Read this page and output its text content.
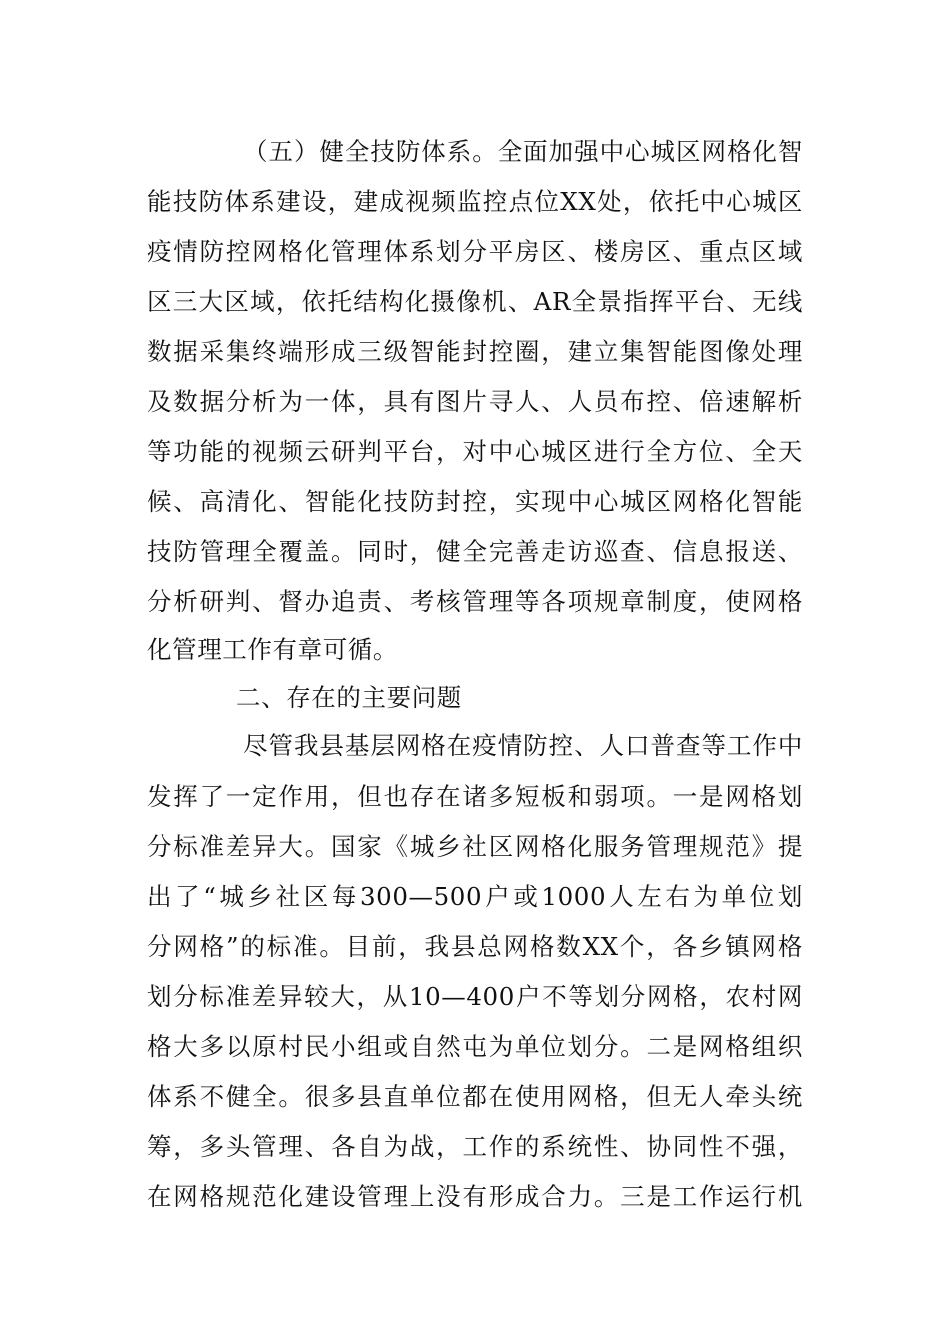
（五）健全技防体系。全面加强中心城区网格化智
能技防体系建设，建成视频监控点位XX处，依托中心城区
疫情防控网格化管理体系划分平房区、楼房区、重点区域
区三大区域，依托结构化摄像机、AR全景指挥平台、无线
数据采集终端形成三级智能封控圈，建立集智能图像处理
及数据分析为一体，具有图片寻人、人员布控、倍速解析
等功能的视频云研判平台，对中心城区进行全方位、全天
候、高清化、智能化技防封控，实现中心城区网格化智能
技防管理全覆盖。同时，健全完善走访巡查、信息报送、
分析研判、督办追责、考核管理等各项规章制度，使网格
化管理工作有章可循。
二、存在的主要问题
尽管我县基层网格在疫情防控、人口普查等工作中
发挥了一定作用，但也存在诸多短板和弱项。一是网格划
分标准差异大。国家《城乡社区网格化服务管理规范》提
出了“城乡社区每300—500户或1000人左右为单位划
分网格”的标准。目前，我县总网格数XX个，各乡镇网格
划分标准差异较大，从10—400户不等划分网格，农村网
格大多以原村民小组或自然屯为单位划分。二是网格组织
体系不健全。很多县直单位都在使用网格，但无人牵头统
筹，多头管理、各自为战，工作的系统性、协同性不强，
在网格规范化建设管理上没有形成合力。三是工作运行机
